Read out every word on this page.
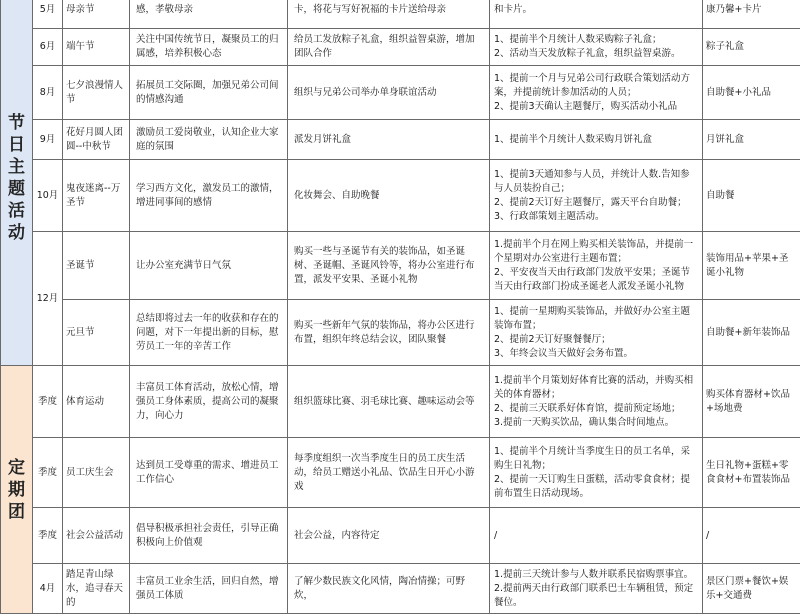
节日主题活动	5月	母亲节	感，孝敬母亲	卡，将花与写好祝福的卡片送给母亲	和卡片。	康乃馨+卡片
	6月	端午节	关注中国传统节日，凝聚员工的归属感，培养积极心态	给员工发放粽子礼盒，组织益智桌游，增加团队合作	1、提前半个月统计人数采购粽子礼盒；
2、活动当天发放粽子礼盒，组织益智桌游。	粽子礼盒
	8月	七夕浪漫情人节	拓展员工交际圈，加强兄弟公司间的情感沟通	组织与兄弟公司举办单身联谊活动	1、提前一个月与兄弟公司行政联合策划活动方案，并提前统计参加活动的人员；
2、提前3天确认主题餐厅，购买活动小礼品	自助餐+小礼品
	9月	花好月圆人团圆--中秋节	激励员工爱岗敬业，认知企业大家庭的氛围	派发月饼礼盒	1、提前半个月统计人数采购月饼礼盒	月饼礼盒
	10月	鬼夜迷离--万圣节	学习西方文化，激发员工的激情，增进同事间的感情	化妆舞会、自助晚餐	1、提前3天通知参与人员，并统计人数.告知参与人员装扮自己；
2、提前2天订好主题餐厅，露天平台自助餐；
3、行政部策划主题活动。	自助餐
	12月	圣诞节	让办公室充满节日气氛	购买一些与圣诞节有关的装饰品，如圣诞树、圣诞帽、圣诞风铃等，将办公室进行布置，派发平安果、圣诞小礼物	1.提前半个月在网上购买相关装饰品，并提前一个星期对办公室进行主题布置；
2、平安夜当天由行政部门发放平安果；圣诞节当天由行政部门扮成圣诞老人派发圣诞小礼物	装饰用品+苹果+圣诞小礼物
		元旦节	总结即将过去一年的收获和存在的问题，对下一年提出新的目标，慰劳员工一年的辛苦工作	购买一些新年气氛的装饰品，将办公区进行布置，组织年终总结会议，团队聚餐	1、提前一星期购买装饰品，并做好办公室主题装饰布置；
2、提前2天订好聚餐餐厅；
3、年终会议当天做好会务布置。	自助餐+新年装饰品

定期团	季度	体育运动	丰富员工体育活动，放松心情，增强员工身体素质，提高公司的凝聚力，向心力	组织篮球比赛、羽毛球比赛、趣味运动会等	1.提前半个月策划好体育比赛的活动，并购买相关的体育器材；
2、提前三天联系好体育馆，提前预定场地；
3.提前一天购买饮品，确认集合时间地点。	购买体育器材+饮品+场地费
	季度	员工庆生会	达到员工受尊重的需求、增进员工工作信心	每季度组织一次当季度生日的员工庆生活动，给员工赠送小礼品、饮品生日开心小游戏	1、提前半个月统计当季度生日的员工名单，采购生日礼物；
2、提前一天订购生日蛋糕，活动零食食材；提前布置生日活动现场。	生日礼物+蛋糕+零食食材+布置装饰品
	季度	社会公益活动	倡导积极承担社会责任，引导正确积极向上价值观	社会公益，内容待定	/	/
	4月	踏足青山绿水，追寻春天的	丰富员工业余生活，回归自然，增强员工体质	了解少数民族文化风情，陶冶情操；可野炊，	1.提前三天统计参与人数并联系民宿购票事宜。
2.提前两天由行政部门联系巴士车辆租赁，预定餐位。	景区门票+餐饮+娱乐+交通费
